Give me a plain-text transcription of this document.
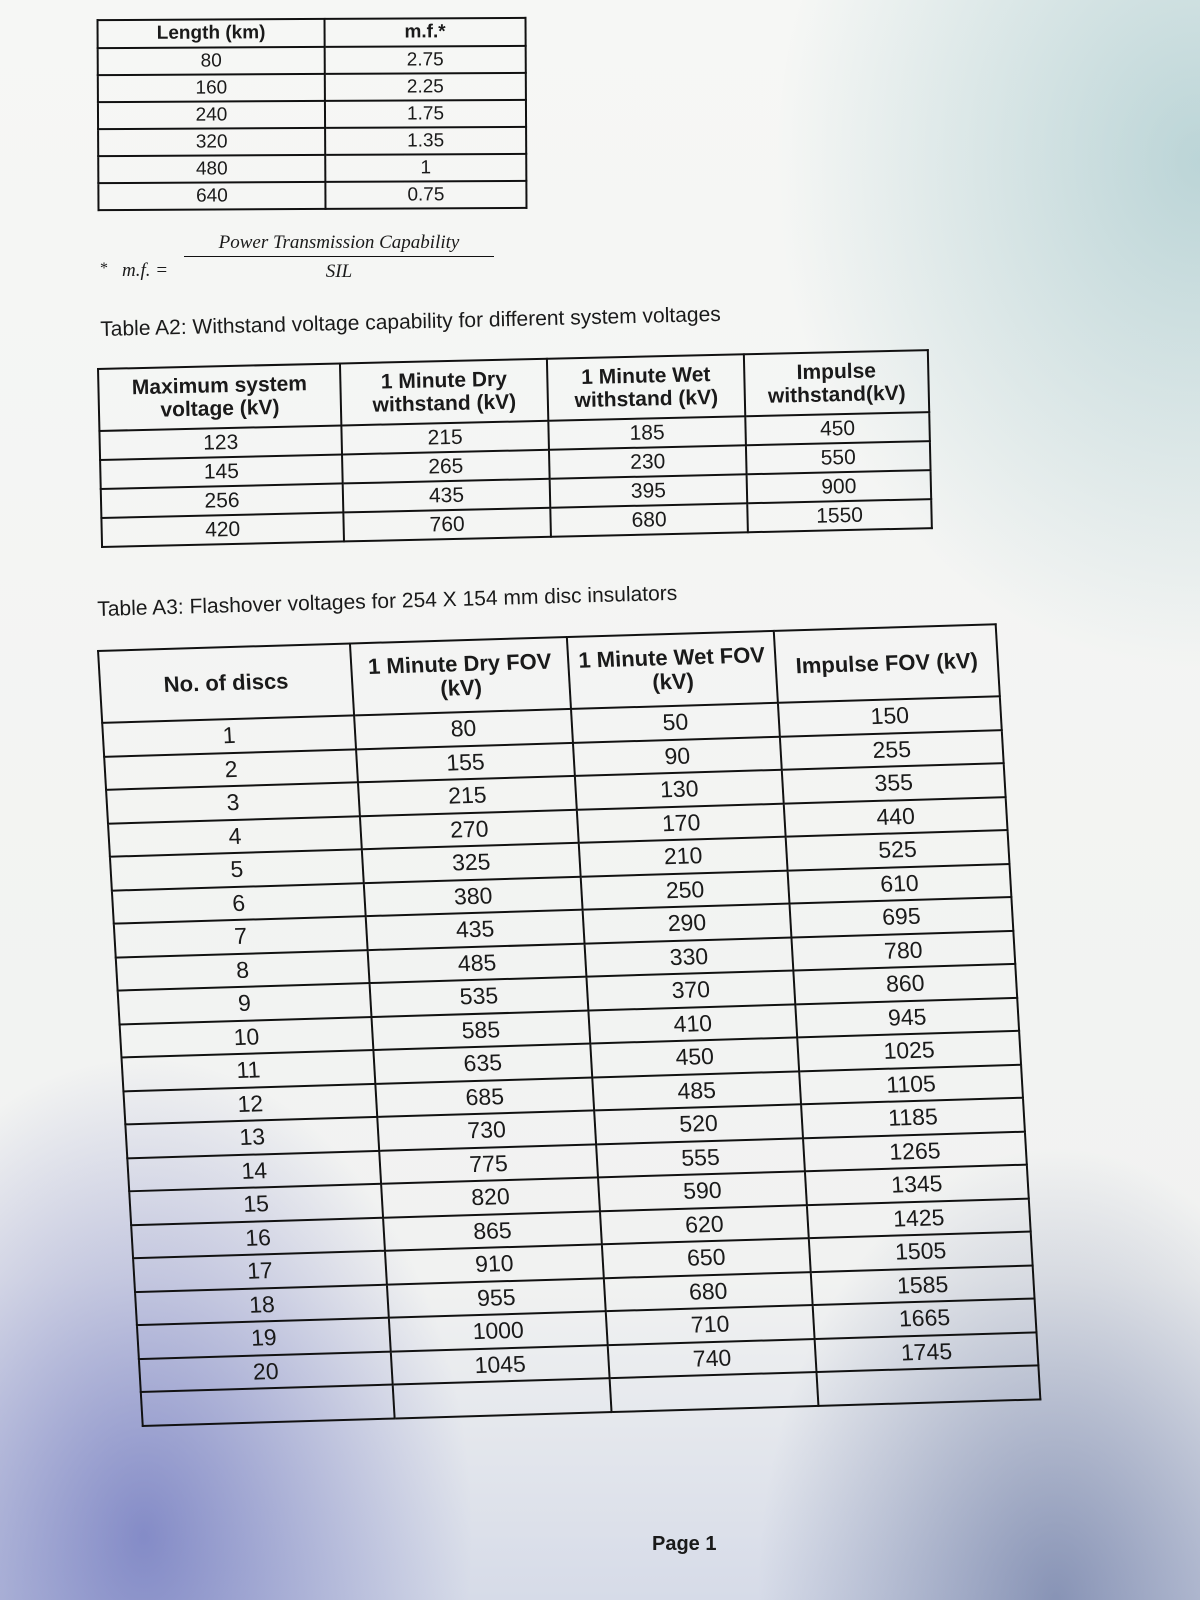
Length (km)	m.f.*
80	2.75
160	2.25
240	1.75
320	1.35
480	1
640	0.75
* m.f. =
Power Transmission Capability
SIL
Table A2: Withstand voltage capability for different system voltages
Maximum system voltage (kV)	1 Minute Dry withstand (kV)	1 Minute Wet withstand (kV)	Impulse withstand(kV)
123	215	185	450
145	265	230	550
256	435	395	900
420	760	680	1550
Table A3: Flashover voltages for 254 X 154 mm disc insulators
No. of discs	1 Minute Dry FOV (kV)	1 Minute Wet FOV (kV)	Impulse FOV (kV)
1	80	50	150
2	155	90	255
3	215	130	355
4	270	170	440
5	325	210	525
6	380	250	610
7	435	290	695
8	485	330	780
9	535	370	860
10	585	410	945
11	635	450	1025
12	685	485	1105
13	730	520	1185
14	775	555	1265
15	820	590	1345
16	865	620	1425
17	910	650	1505
18	955	680	1585
19	1000	710	1665
20	1045	740	1745

Page 1
